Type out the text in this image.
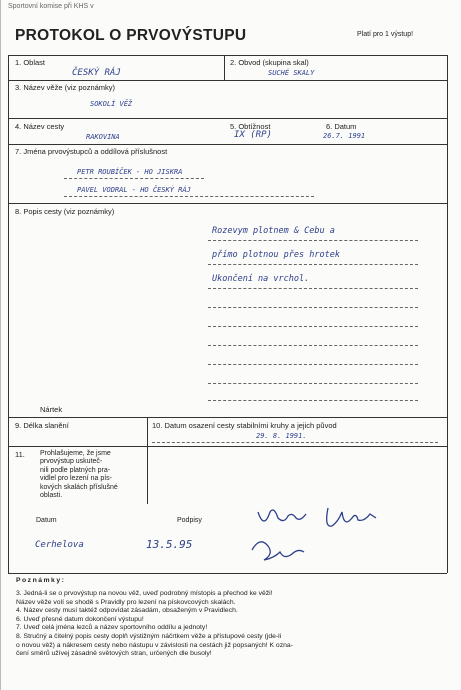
Sportovní komise při KHS v
PROTOKOL O PRVOVÝSTUPU	Platí pro 1 výstup!
1. Oblast
ČESKÝ RÁJ
2. Obvod (skupina skal)
SUCHÉ SKALY
3. Název věže (viz poznámky)
SOKOLÍ VĚŽ
4. Název cesty
RAKOVINA
5. Obtížnost
IX (RP)
6. Datum
26.7. 1991
7. Jména prvovýstupců a oddílová příslušnost
PETR ROUBÍČEK - HO JISKRA
PAVEL VODRAL - HO ČESKÝ RÁJ
8. Popis cesty (viz poznámky)
Rozevym plotnem & Cebu a
přímo plotnou přes hrotek
Ukončení na vrchol.
Nártek
9. Délka slanění	10. Datum osazení cesty stabilními kruhy a jejich původ
29. 8. 1991.
11. Prohlašujeme, že jsme
prvovýstup uskuteč-
nili podle platných pra-
vidlel pro lezení na pís-
kových skalách příslušné
oblasti.
Datum	Podpisy
Cerhelova	13.5.95
Poznámky:
3. Jedná-li se o prvovýstup na novou věž, uveď podrobný místopis a přechod ke věži!
Název věže volí se shodě s Pravidly pro lezení na pískovcových skalách.
4. Název cesty musí taktéž odpovídat zásadám, obsaženým v Pravidlech.
6. Uveď přesné datum dokončení výstupu!
7. Uveď celá jména lezců a název sportovního oddílu a jednoty!
8. Stručný a čitelný popis cesty doplň výstižným náčrtkem věže a přístupové cesty (jde-li
o novou věž) a nákresem cesty nebo nástupu v závislosti na cestách již popsaných! K ozna-
čení směrů užívej zásadně světových stran, určených dle busoly!
